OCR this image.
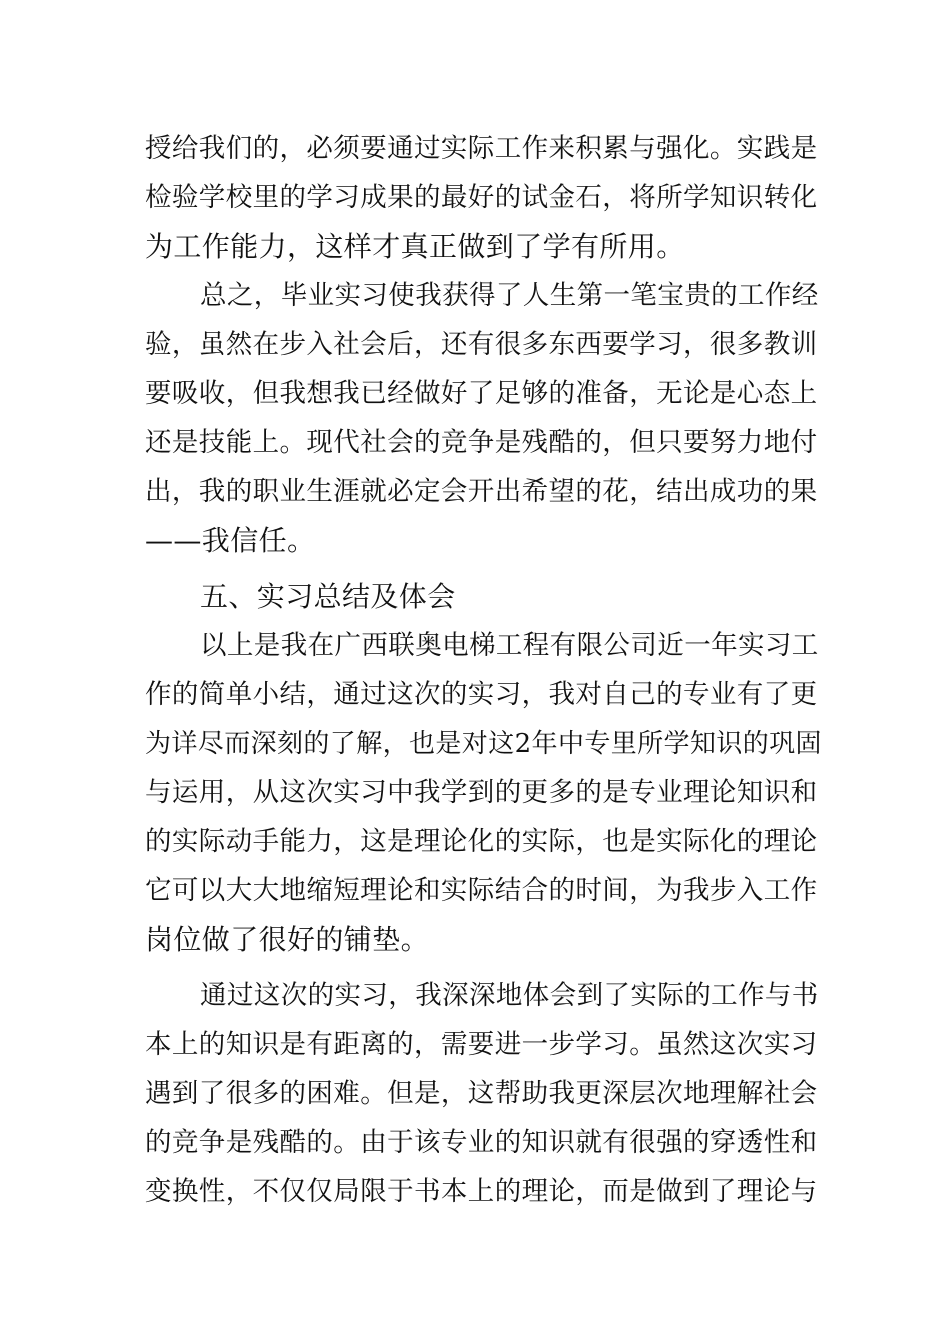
授给我们的，必须要通过实际工作来积累与强化。实践是
检验学校里的学习成果的最好的试金石，将所学知识转化
为工作能力，这样才真正做到了学有所用。
总之，毕业实习使我获得了人生第一笔宝贵的工作经
验，虽然在步入社会后，还有很多东西要学习，很多教训
要吸收，但我想我已经做好了足够的准备，无论是心态上
还是技能上。现代社会的竞争是残酷的，但只要努力地付
出，我的职业生涯就必定会开出希望的花，结出成功的果
——我信任。
五、实习总结及体会
以上是我在广西联奥电梯工程有限公司近一年实习工
作的简单小结，通过这次的实习，我对自己的专业有了更
为详尽而深刻的了解，也是对这2年中专里所学知识的巩固
与运用，从这次实习中我学到的更多的是专业理论知识和
的实际动手能力，这是理论化的实际，也是实际化的理论
它可以大大地缩短理论和实际结合的时间，为我步入工作
岗位做了很好的铺垫。
通过这次的实习，我深深地体会到了实际的工作与书
本上的知识是有距离的，需要进一步学习。虽然这次实习
遇到了很多的困难。但是，这帮助我更深层次地理解社会
的竞争是残酷的。由于该专业的知识就有很强的穿透性和
变换性，不仅仅局限于书本上的理论，而是做到了理论与
